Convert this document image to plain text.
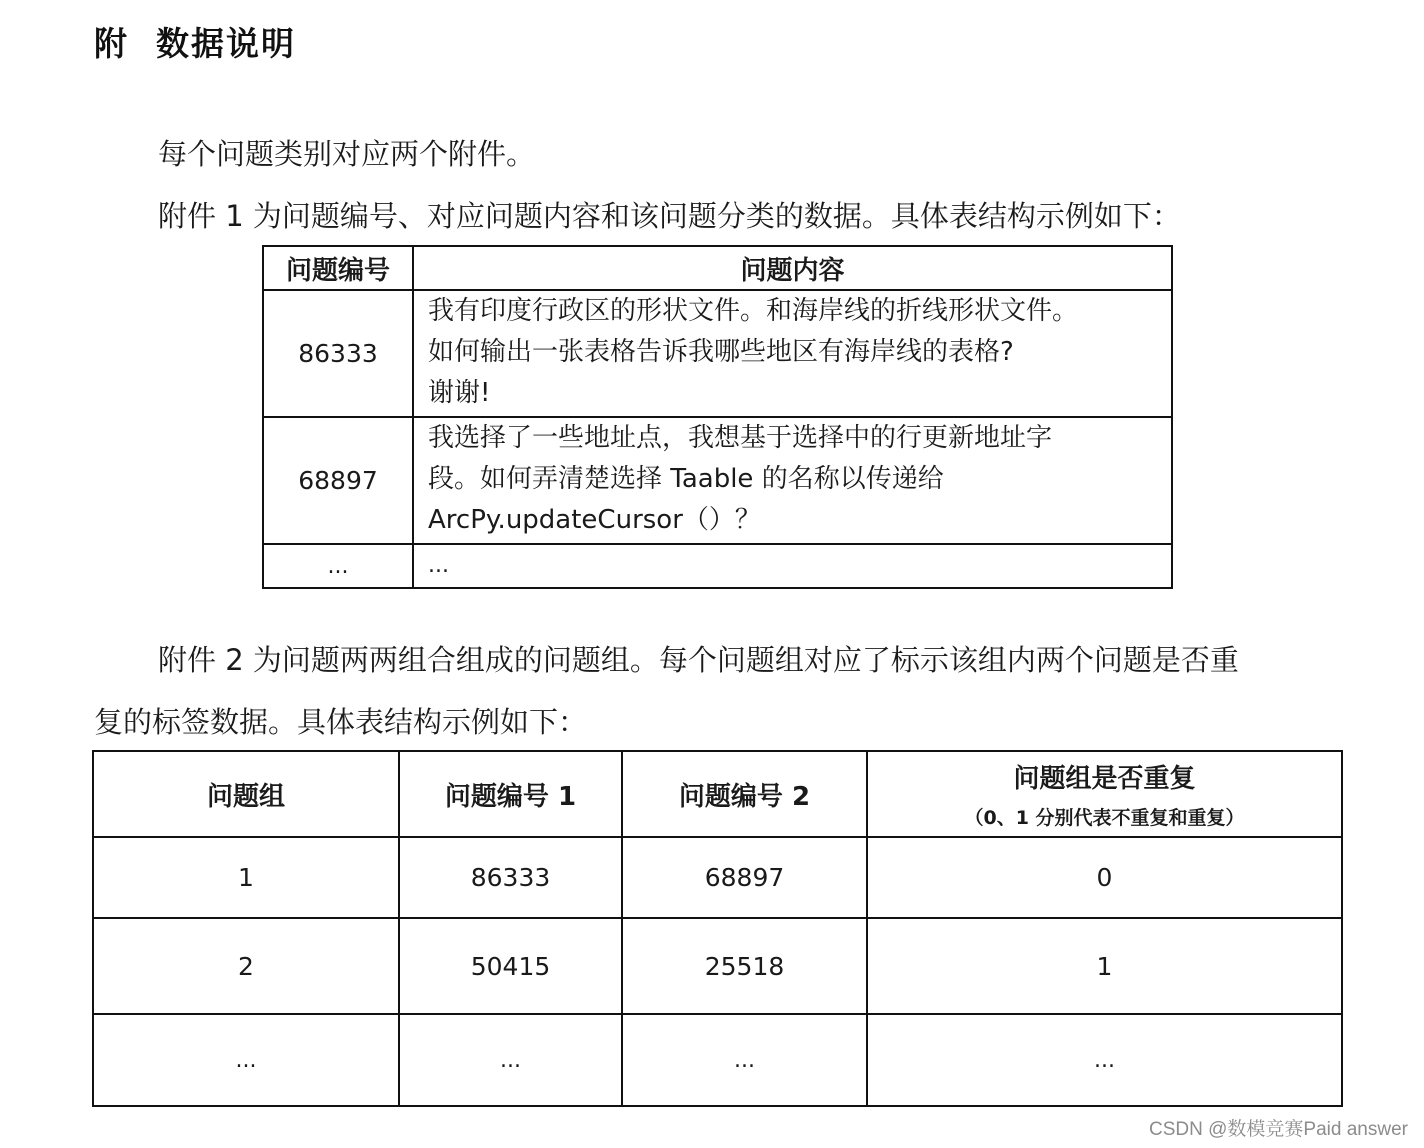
附  数据说明
每个问题类别对应两个附件。
附件 1 为问题编号、对应问题内容和该问题分类的数据。具体表结构示例如下：
问题编号	问题内容
86333	我有印度行政区的形状文件。和海岸线的折线形状文件。
如何输出一张表格告诉我哪些地区有海岸线的表格?
谢谢!

68897	我选择了一些地址点，我想基于选择中的行更新地址字
段。如何弄清楚选择 Taable 的名称以传递给
ArcPy.updateCursor（）？

...	...
附件 2 为问题两两组合组成的问题组。每个问题组对应了标示该组内两个问题是否重
复的标签数据。具体表结构示例如下：
问题组	问题编号 1	问题编号 2	问题组是否重复
（0、1 分别代表不重复和重复）

1	86333	68897	0
2	50415	25518	1
...	...	...	...
CSDN @数模竞赛Paid answer
